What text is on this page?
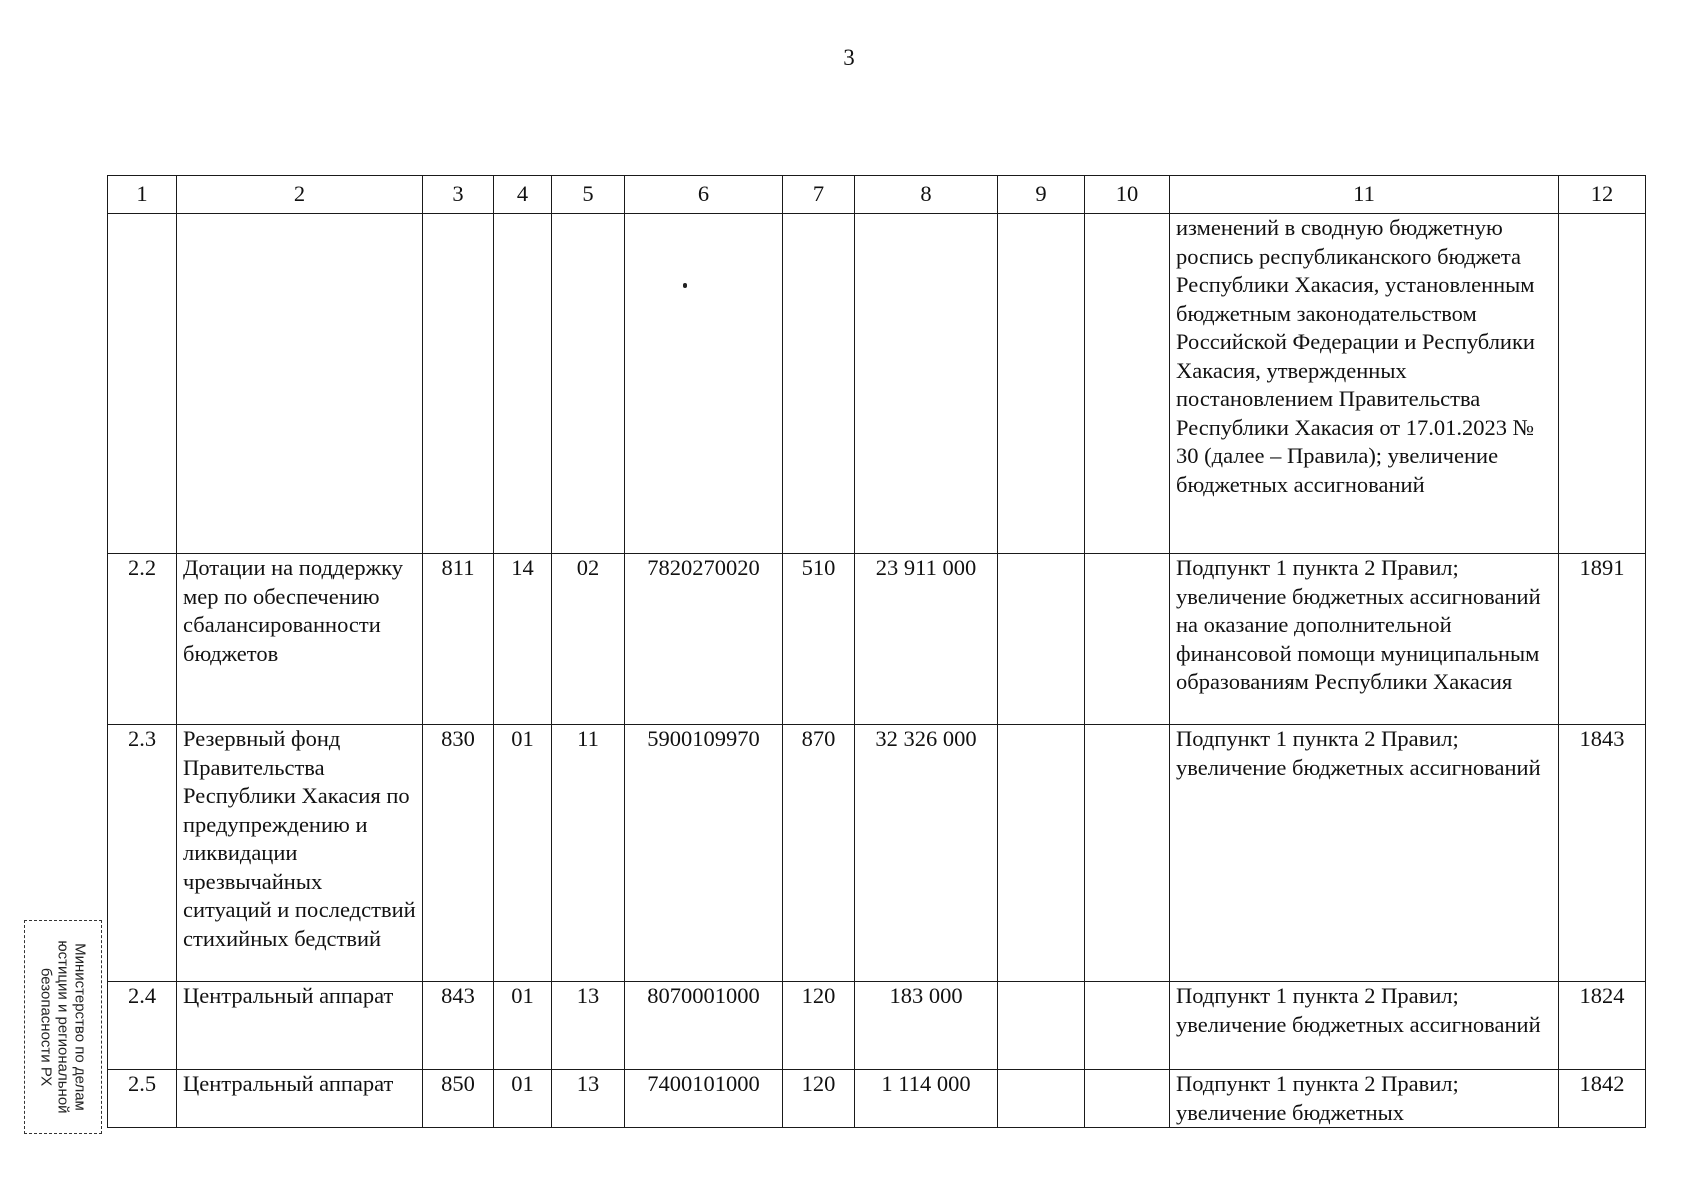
3
1	2	3	4	5	6	7	8	9	10	11	12
										изменений в сводную бюджетную роспись республиканского бюджета Республики Хакасия, установленным бюджетным законодательством Российской Федерации и Республики Хакасия, утвержденных постановлением Правительства Республики Хакасия от 17.01.2023 № 30 (далее – Правила); увеличение бюджетных ассигнований	
2.2	Дотации на поддержку мер по обеспечению сбалансированности бюджетов	811	14	02	7820270020	510	23 911 000			Подпункт 1 пункта 2 Правил; увеличение бюджетных ассигнований на оказание дополнительной финансовой помощи муниципальным образованиям Республики Хакасия	1891
2.3	Резервный фонд Правительства Республики Хакасия по предупреждению и ликвидации чрезвычайных ситуаций и последствий стихийных бедствий	830	01	11	5900109970	870	32 326 000			Подпункт 1 пункта 2 Правил; увеличение бюджетных ассигнований	1843
2.4	Центральный аппарат	843	01	13	8070001000	120	183 000			Подпункт 1 пункта 2 Правил; увеличение бюджетных ассигнований	1824
2.5	Центральный аппарат	850	01	13	7400101000	120	1 114 000			Подпункт 1 пункта 2 Правил; увеличение бюджетных	1842
Министерство по делам
юстиции и региональной
безопасности РХ
